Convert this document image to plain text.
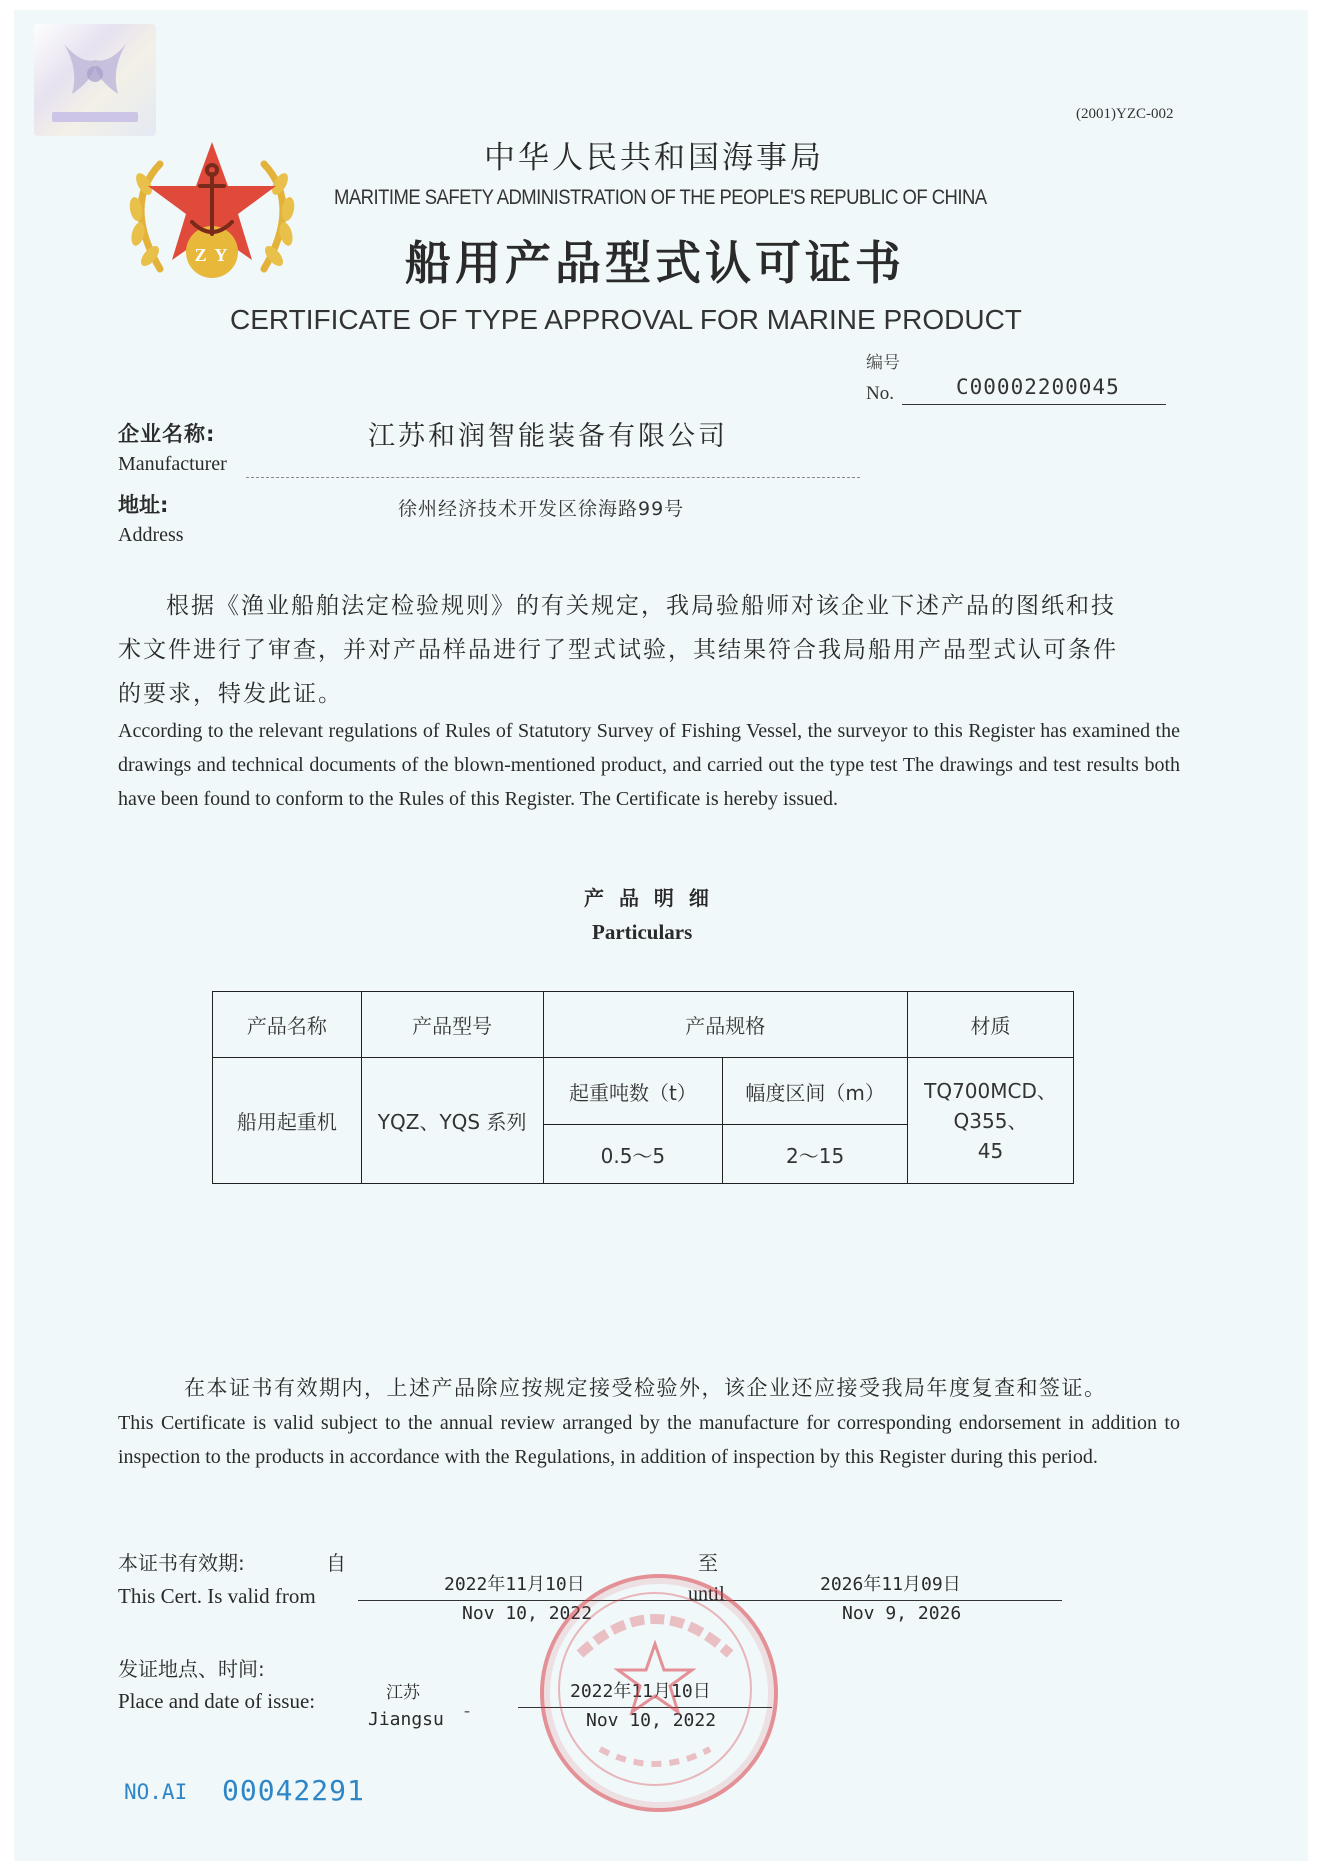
(2001)YZC-002
Z Y
中华人民共和国海事局
MARITIME SAFETY ADMINISTRATION OF THE PEOPLE'S REPUBLIC OF CHINA
船用产品型式认可证书
CERTIFICATE OF TYPE APPROVAL FOR MARINE PRODUCT
编号
No.	C00002200045
企业名称:
Manufacturer
江苏和润智能装备有限公司
地址:
Address
徐州经济技术开发区徐海路99号
根据《渔业船舶法定检验规则》的有关规定，我局验船师对该企业下述产品的图纸和技
术文件进行了审查，并对产品样品进行了型式试验，其结果符合我局船用产品型式认可条件
的要求，特发此证。
According to the relevant regulations of Rules of Statutory Survey of Fishing Vessel, the surveyor to this Register has examined the drawings and technical documents of the blown-mentioned product, and carried out the type test The drawings and test results both have been found to conform to the Rules of this Register. The Certificate is hereby issued.
产 品 明 细
Particulars
产品名称	产品型号	产品规格		材质
船用起重机	YQZ、YQS 系列	起重吨数（t）	幅度区间（m）	TQ700MCD、
Q355、
45

		0.5～5	2～15	
在本证书有效期内，上述产品除应按规定接受检验外，该企业还应接受我局年度复查和签证。
This Certificate is valid subject to the annual review arranged by the manufacture for corresponding endorsement in addition to inspection to the products in accordance with the Regulations, in addition of inspection by this Register during this period.
本证书有效期:
This Cert. Is valid from
自	至
until
2022年11月10日
Nov 10, 2022
2026年11月09日
Nov 9, 2026
发证地点、时间:
Place and date of issue:	江苏
Jiangsu -
2022年11月10日
Nov 10, 2022
NO.AI 00042291
